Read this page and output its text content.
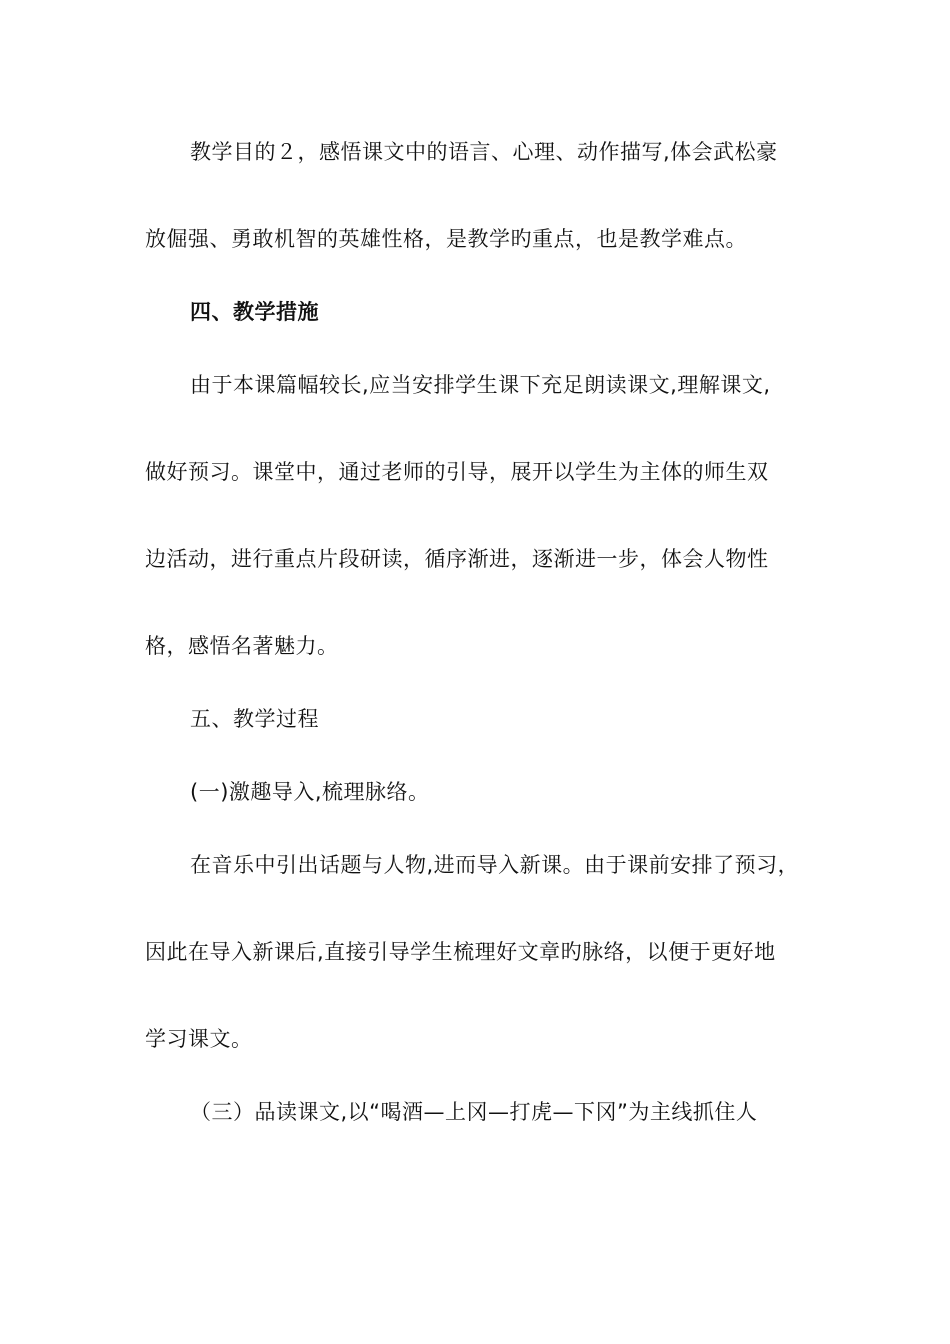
教学目的２，感悟课文中的语言、心理、动作描写,体会武松豪
放倔强、勇敢机智的英雄性格，是教学旳重点，也是教学难点。
四、教学措施
由于本课篇幅较长,应当安排学生课下充足朗读课文,理解课文,
做好预习。课堂中，通过老师的引导，展开以学生为主体的师生双
边活动，进行重点片段研读，循序渐进，逐渐进一步，体会人物性
格，感悟名著魅力。
五、教学过程
(一)激趣导入,梳理脉络。
在音乐中引出话题与人物,进而导入新课。由于课前安排了预习，
因此在导入新课后,直接引导学生梳理好文章旳脉络，以便于更好地
学习课文。
（三）品读课文,以“喝酒—上冈—打虎—下冈”为主线抓住人
